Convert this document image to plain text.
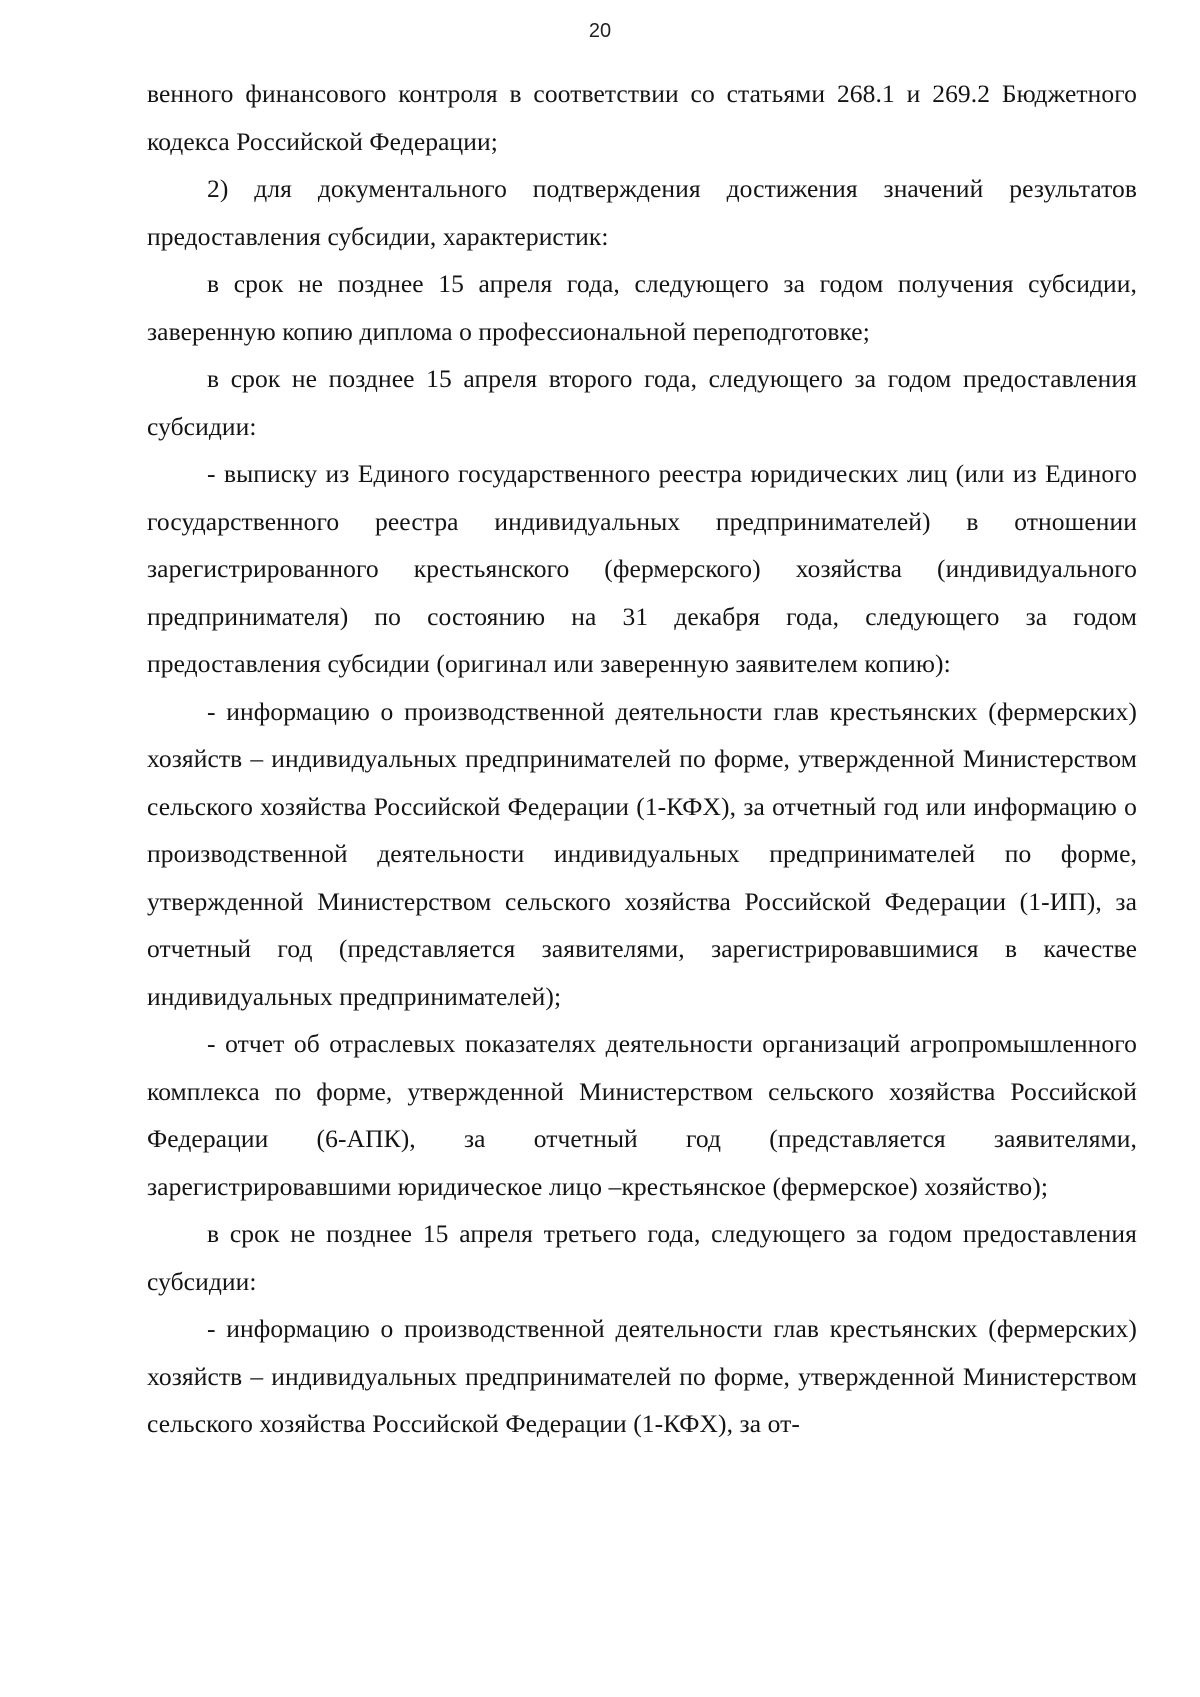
20

венного финансового контроля в соответствии со статьями 268.1 и 269.2 Бюджетного кодекса Российской Федерации;

2) для документального подтверждения достижения значений результатов предоставления субсидии, характеристик:

в срок не позднее 15 апреля года, следующего за годом получения субсидии, заверенную копию диплома о профессиональной переподготовке;

в срок не позднее 15 апреля второго года, следующего за годом предоставления субсидии:

- выписку из Единого государственного реестра юридических лиц (или из Единого государственного реестра индивидуальных предпринимателей) в отношении зарегистрированного крестьянского (фермерского) хозяйства (индивидуального предпринимателя) по состоянию на 31 декабря года, следующего за годом предоставления субсидии (оригинал или заверенную заявителем копию):

- информацию о производственной деятельности глав крестьянских (фермерских) хозяйств – индивидуальных предпринимателей по форме, утвержденной Министерством сельского хозяйства Российской Федерации (1-КФХ), за отчетный год или информацию о производственной деятельности индивидуальных предпринимателей по форме, утвержденной Министерством сельского хозяйства Российской Федерации (1-ИП), за отчетный год (представляется заявителями, зарегистрировавшимися в качестве индивидуальных предпринимателей);

- отчет об отраслевых показателях деятельности организаций агропромышленного комплекса по форме, утвержденной Министерством сельского хозяйства Российской Федерации (6-АПК), за отчетный год (представляется заявителями, зарегистрировавшими юридическое лицо –крестьянское (фермерское) хозяйство);

в срок не позднее 15 апреля третьего года, следующего за годом предоставления субсидии:

- информацию о производственной деятельности глав крестьянских (фермерских) хозяйств – индивидуальных предпринимателей по форме, утвержденной Министерством сельского хозяйства Российской Федерации (1-КФХ), за от-
